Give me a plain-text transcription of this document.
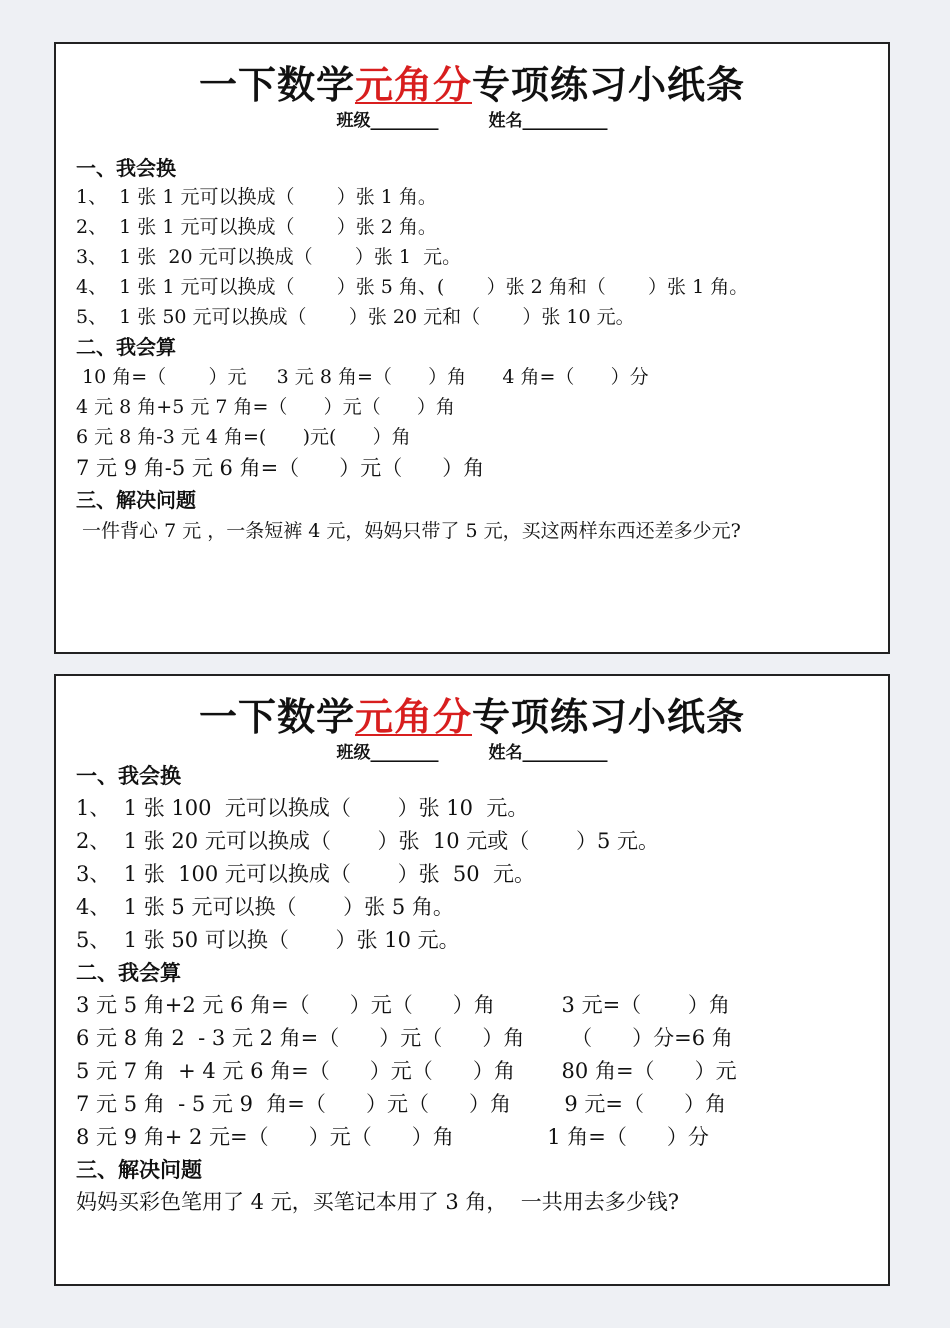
一下数学元角分专项练习小纸条
班级________	姓名__________
一、我会换
1、  1 张 1 元可以换成（       ）张 1 角。
2、  1 张 1 元可以换成（       ）张 2 角。
3、  1 张  20 元可以换成（       ）张 1  元。
4、  1 张 1 元可以换成（       ）张 5 角、(       ）张 2 角和（       ）张 1 角。
5、  1 张 50 元可以换成（       ）张 20 元和（       ）张 10 元。
二、我会算
10 角=（       ）元     3 元 8 角=（      ）角      4 角=（      ）分
4 元 8 角+5 元 7 角=（      ）元（      ）角
6 元 8 角-3 元 4 角=(      )元(      ）角
7 元 9 角-5 元 6 角=（      ）元（      ）角
三、解决问题
一件背心 7 元 ，一条短裤 4 元，妈妈只带了 5 元，买这两样东西还差多少元?
一下数学元角分专项练习小纸条
班级________	姓名__________
一、我会换
1、  1 张 100  元可以换成（       ）张 10  元。
2、  1 张 20 元可以换成（       ）张  10 元或（       ）5 元。
3、  1 张  100 元可以换成（       ）张  50  元。
4、  1 张 5 元可以换（       ）张 5 角。
5、  1 张 50 可以换（       ）张 10 元。
二、我会算
3 元 5 角+2 元 6 角=（      ）元（      ）角          3 元=（       ）角
6 元 8 角 2  - 3 元 2 角=（      ）元（      ）角       （      ）分=6 角
5 元 7 角  + 4 元 6 角=（      ）元（      ）角       80 角=（      ）元
7 元 5 角  - 5 元 9  角=（      ）元（      ）角        9 元=（      ）角
8 元 9 角+ 2 元=（      ）元（      ）角              1 角=（      ）分
三、解决问题
妈妈买彩色笔用了 4 元，买笔记本用了 3 角，  一共用去多少钱?
